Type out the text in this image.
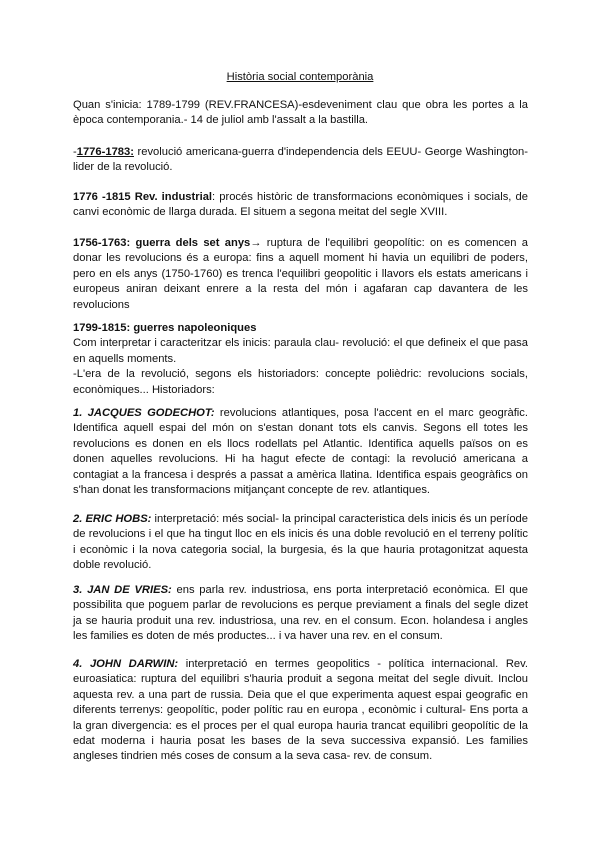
Història social contemporània

Quan s'inicia: 1789-1799 (REV.FRANCESA)-esdeveniment clau que obra les portes a la època contemporania.- 14 de juliol amb l'assalt a la bastilla.

-1776-1783: revolució americana-guerra d'independencia dels EEUU- George Washington-lider de la revolució.

1776 -1815 Rev. industrial: procés històric de transformacions econòmiques i socials, de canvi econòmic de llarga durada. El situem a segona meitat del segle XVIII.

1756-1763: guerra dels set anys→ ruptura de l'equilibri geopolític: on es comencen a donar les revolucions és a europa: fins a aquell moment hi havia un equilibri de poders, pero en els anys (1750-1760) es trenca l'equilibri geopolitic i llavors els estats americans i europeus aniran deixant enrere a la resta del món i agafaran cap davantera de les revolucions

1799-1815: guerres napoleoniques
Com interpretar i caracteritzar els inicis: paraula clau- revolució: el que defineix el que pasa en aquells moments.
-L'era de la revolució, segons els historiadors: concepte polièdric: revolucions socials, econòmiques... Historiadors:

1. JACQUES GODECHOT: revolucions atlantiques, posa l'accent en el marc geogràfic. Identifica aquell espai del món on s'estan donant tots els canvis. Segons ell totes les revolucions es donen en els llocs rodellats pel Atlantic. Identifica aquells països on es donen aquelles revolucions. Hi ha hagut efecte de contagi: la revolució americana a contagiat a la francesa i després a passat a amèrica llatina. Identifica espais geogràfics on s'han donat les transformacions mitjançant concepte de rev. atlantiques.

2. ERIC HOBS: interpretació: més social- la principal caracteristica dels inicis és un període de revolucions i el que ha tingut lloc en els inicis és una doble revolució en el terreny polític i econòmic i la nova categoria social, la burgesia, és la que hauria protagonitzat aquesta doble revolució.

3. JAN DE VRIES: ens parla rev. industriosa, ens porta interpretació econòmica. El que possibilita que poguem parlar de revolucions es perque previament a finals del segle dizet ja se hauria produit una rev. industriosa, una rev. en el consum. Econ. holandesa i angles les families es doten de més productes... i va haver una rev. en el consum.

4. JOHN DARWIN: interpretació en termes geopolitics - política internacional. Rev. euroasiatica: ruptura del equilibri s'hauria produit a segona meitat del segle divuit. Inclou aquesta rev. a una part de russia. Deia que el que experimenta aquest espai geografic en diferents terrenys: geopolític, poder polític rau en europa , econòmic i cultural- Ens porta a la gran divergencia: es el proces per el qual europa hauria trancat equilibri geopolític de la edat moderna i hauria posat les bases de la seva successiva expansió. Les families angleses tindrien més coses de consum a la seva casa- rev. de consum.
